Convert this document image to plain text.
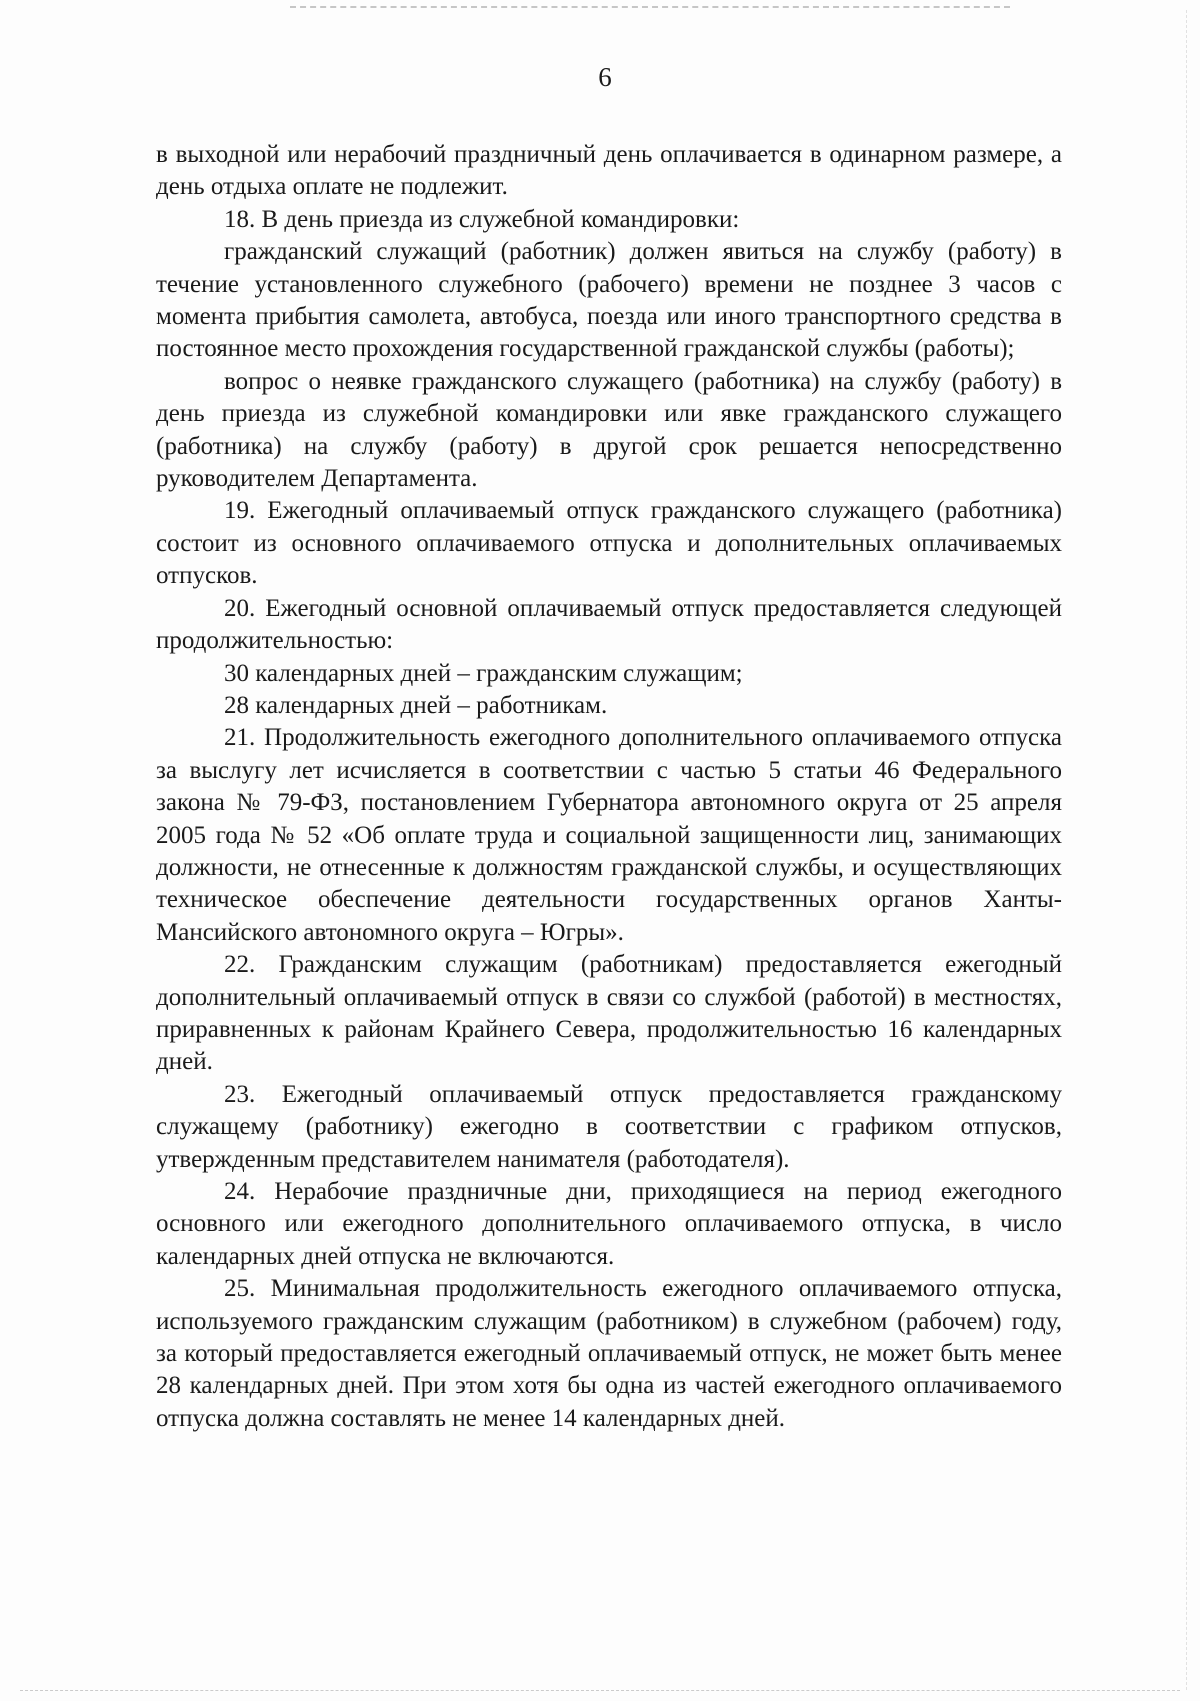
6

в выходной или нерабочий праздничный день оплачивается в одинарном размере, а день отдыха оплате не подлежит.

18. В день приезда из служебной командировки:

гражданский служащий (работник) должен явиться на службу (работу) в течение установленного служебного (рабочего) времени не позднее 3 часов с момента прибытия самолета, автобуса, поезда или иного транспортного средства в постоянное место прохождения государственной гражданской службы (работы);

вопрос о неявке гражданского служащего (работника) на службу (работу) в день приезда из служебной командировки или явке гражданского служащего (работника) на службу (работу) в другой срок решается непосредственно руководителем Департамента.

19. Ежегодный оплачиваемый отпуск гражданского служащего (работника) состоит из основного оплачиваемого отпуска и дополнительных оплачиваемых отпусков.

20. Ежегодный основной оплачиваемый отпуск предоставляется следующей продолжительностью:

30 календарных дней – гражданским служащим;

28 календарных дней – работникам.

21. Продолжительность ежегодного дополнительного оплачиваемого отпуска за выслугу лет исчисляется в соответствии с частью 5 статьи 46 Федерального закона № 79-ФЗ, постановлением Губернатора автономного округа от 25 апреля 2005 года № 52 «Об оплате труда и социальной защищенности лиц, занимающих должности, не отнесенные к должностям гражданской службы, и осуществляющих техническое обеспечение деятельности государственных органов Ханты-Мансийского автономного округа – Югры».

22. Гражданским служащим (работникам) предоставляется ежегодный дополнительный оплачиваемый отпуск в связи со службой (работой) в местностях, приравненных к районам Крайнего Севера, продолжительностью 16 календарных дней.

23. Ежегодный оплачиваемый отпуск предоставляется гражданскому служащему (работнику) ежегодно в соответствии с графиком отпусков, утвержденным представителем нанимателя (работодателя).

24. Нерабочие праздничные дни, приходящиеся на период ежегодного основного или ежегодного дополнительного оплачиваемого отпуска, в число календарных дней отпуска не включаются.

25. Минимальная продолжительность ежегодного оплачиваемого отпуска, используемого гражданским служащим (работником) в служебном (рабочем) году, за который предоставляется ежегодный оплачиваемый отпуск, не может быть менее 28 календарных дней. При этом хотя бы одна из частей ежегодного оплачиваемого отпуска должна составлять не менее 14 календарных дней.
